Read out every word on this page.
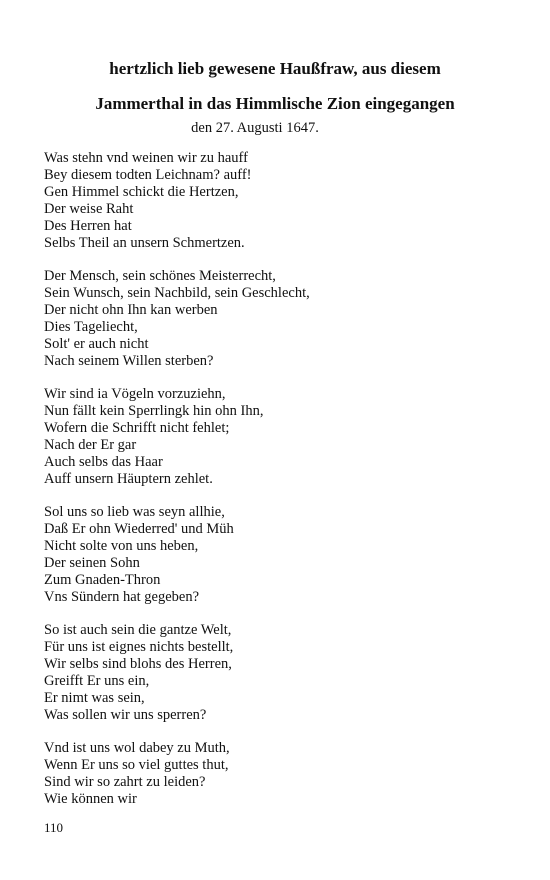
hertzlich lieb gewesene Haußfraw, aus diesem
Jammerthal in das Himmlische Zion eingegangen
den 27. Augusti 1647.
Was stehn vnd weinen wir zu hauff
Bey diesem todten Leichnam? auff!
Gen Himmel schickt die Hertzen,
Der weise Raht
Des Herren hat
Selbs Theil an unsern Schmertzen.
Der Mensch, sein schönes Meisterrecht,
Sein Wunsch, sein Nachbild, sein Geschlecht,
Der nicht ohn Ihn kan werben
Dies Tageliecht,
Solt' er auch nicht
Nach seinem Willen sterben?
Wir sind ia Vögeln vorzuziehn,
Nun fällt kein Sperrlingk hin ohn Ihn,
Wofern die Schrifft nicht fehlet;
Nach der Er gar
Auch selbs das Haar
Auff unsern Häuptern zehlet.
Sol uns so lieb was seyn allhie,
Daß Er ohn Wiederred' und Müh
Nicht solte von uns heben,
Der seinen Sohn
Zum Gnaden-Thron
Vns Sündern hat gegeben?
So ist auch sein die gantze Welt,
Für uns ist eignes nichts bestellt,
Wir selbs sind blohs des Herren,
Greifft Er uns ein,
Er nimt was sein,
Was sollen wir uns sperren?
Vnd ist uns wol dabey zu Muth,
Wenn Er uns so viel guttes thut,
Sind wir so zahrt zu leiden?
Wie können wir
110
